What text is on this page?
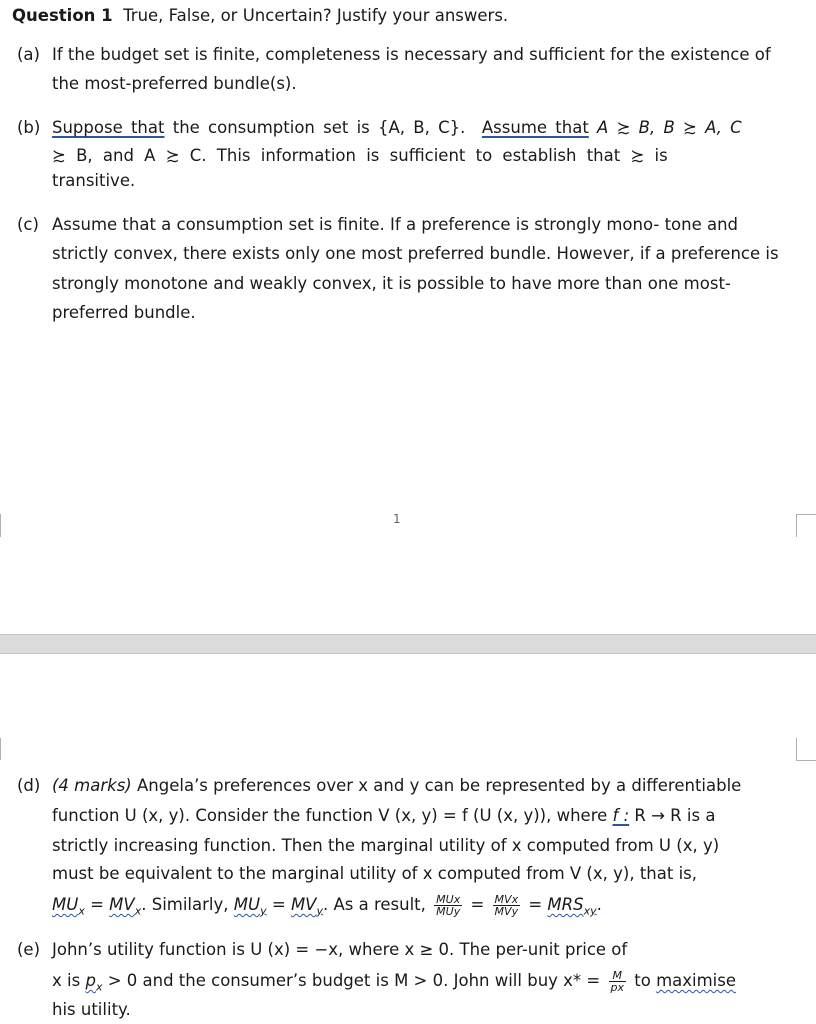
Question 1 True, False, or Uncertain? Justify your answers.
(a) If the budget set is finite, completeness is necessary and sufficient for the existence of
the most-preferred bundle(s).
(b) Suppose that the consumption set is {A, B, C}. Assume that A ≿ B, B ≿ A, C
≿ B, and A ≿ C. This information is sufficient to establish that ≿ is
transitive.
(c) Assume that a consumption set is finite. If a preference is strongly mono- tone and
strictly convex, there exists only one most preferred bundle. However, if a preference is
strongly monotone and weakly convex, it is possible to have more than one most-
preferred bundle.
1
(d) (4 marks) Angela’s preferences over x and y can be represented by a differentiable
function U (x, y). Consider the function V (x, y) = f (U (x, y)), where f : R → R is a
strictly increasing function. Then the marginal utility of x computed from U (x, y)
must be equivalent to the marginal utility of x computed from V (x, y), that is,
$MU_x = MV_x$. Similarly, $MU_y = MV_y$. As a result, $\frac{\text{MUx}}{\text{MUy}} = \frac{\text{MVx}}{\text{MVy}} = MRS_{xy}$.
(e) John’s utility function is U (x) = −x, where x ≥ 0. The per-unit price of
x is $p_x > 0$ and the consumer’s budget is M > 0. John will buy $x* = \frac{M}{px}$ to maximise
his utility.
